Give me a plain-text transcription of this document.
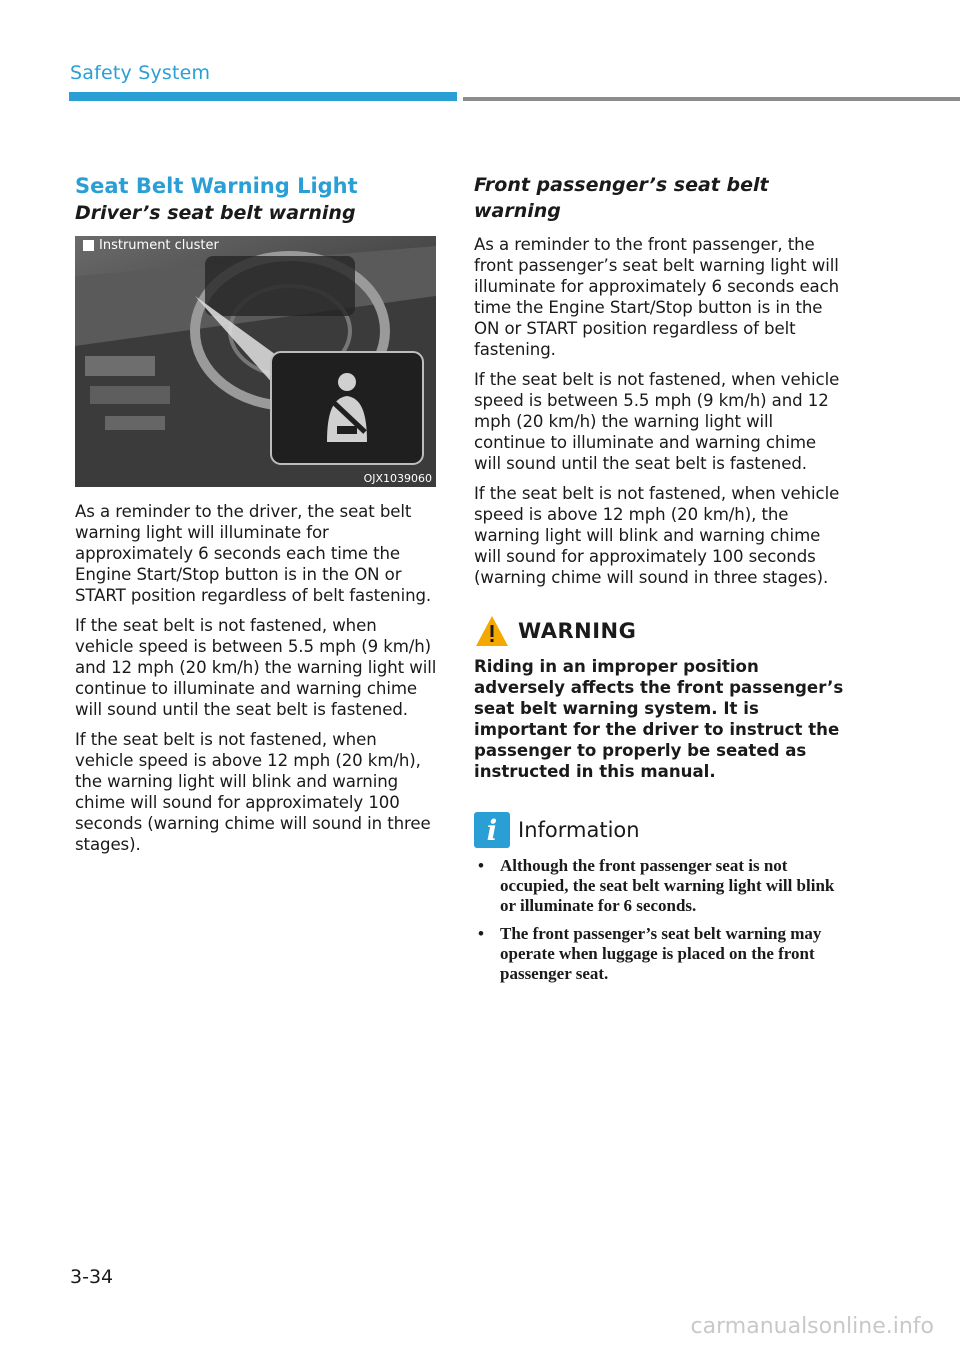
Safety System
Seat Belt Warning Light
Driver’s seat belt warning
Instrument cluster
OJX1039060

As a reminder to the driver, the seat belt warning light will illuminate for approximately 6 seconds each time the Engine Start/Stop button is in the ON or START position regardless of belt fastening.

If the seat belt is not fastened, when vehicle speed is between 5.5 mph (9 km/h) and 12 mph (20 km/h) the warning light will continue to illuminate and warning chime will sound until the seat belt is fastened.

If the seat belt is not fastened, when vehicle speed is above 12 mph (20 km/h), the warning light will blink and warning chime will sound for approximately 100 seconds (warning chime will sound in three stages).

Front passenger’s seat belt warning

As a reminder to the front passenger, the front passenger’s seat belt warning light will illuminate for approximately 6 seconds each time the Engine Start/Stop button is in the ON or START position regardless of belt fastening.

If the seat belt is not fastened, when vehicle speed is between 5.5 mph (9 km/h) and 12 mph (20 km/h) the warning light will continue to illuminate and warning chime will sound until the seat belt is fastened.

If the seat belt is not fastened, when vehicle speed is above 12 mph (20 km/h), the warning light will blink and warning chime will sound for approximately 100 seconds (warning chime will sound in three stages).

WARNING

Riding in an improper position adversely affects the front passenger’s seat belt warning system. It is important for the driver to instruct the passenger to properly be seated as instructed in this manual.

i Information
• Although the front passenger seat is not occupied, the seat belt warning light will blink or illuminate for 6 seconds.
• The front passenger’s seat belt warning may operate when luggage is placed on the front passenger seat.
3-34
carmanualsonline.info
